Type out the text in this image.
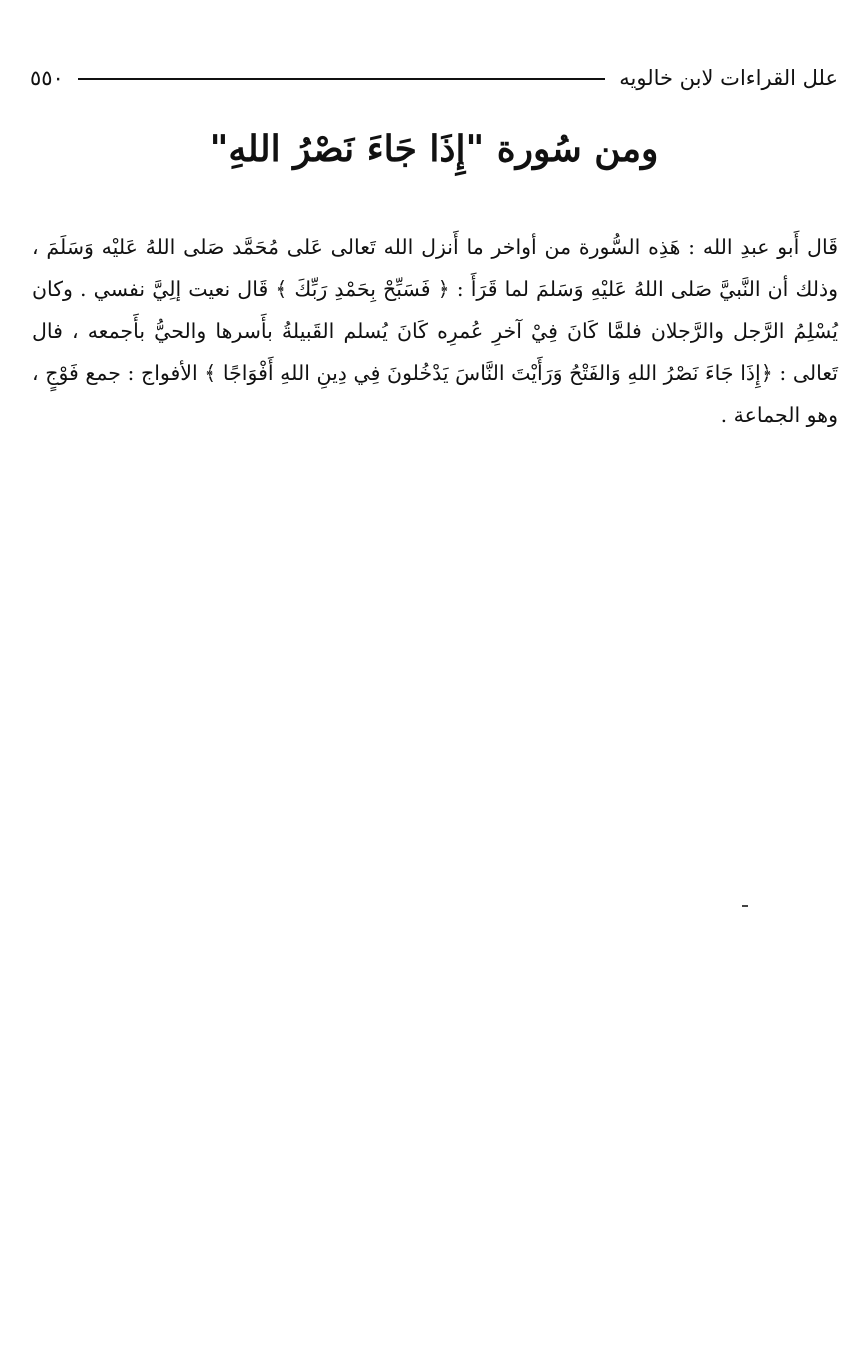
علل القراءات لابن خالويه
٥٥٠
ومن سُورة "إِذَا جَاءَ نَصْرُ اللهِ"

قَال أَبو عبدِ الله : هَذِه السُّورة من أواخر ما أَنزل الله تَعالى عَلى مُحَمَّد صَلى اللهُ عَليْه وَسَلَمَ ، وذلك أن النَّبيَّ صَلى اللهُ عَليْهِ وَسَلمَ لما قَرَأَ : ﴿ فَسَبِّحْ بِحَمْدِ رَبِّكَ ﴾ قَال نعيت إلِيَّ نفسي . وكان يُسْلِمُ الرَّجل والرَّجلان فلمَّا كَانَ فِيْ آخرِ عُمرِه كَانَ يُسلم القَبيلةُ بأَسرها والحيُّ بأَجمعه ، فال تَعالى : ﴿إِذَا جَاءَ نَصْرُ اللهِ وَالفَتْحُ وَرَأَيْتَ النَّاسَ يَدْخُلونَ فِي دِينِ اللهِ أَفْوَاجًا ﴾ الأفواج : جمع فَوْجٍ ، وهو الجماعة .
